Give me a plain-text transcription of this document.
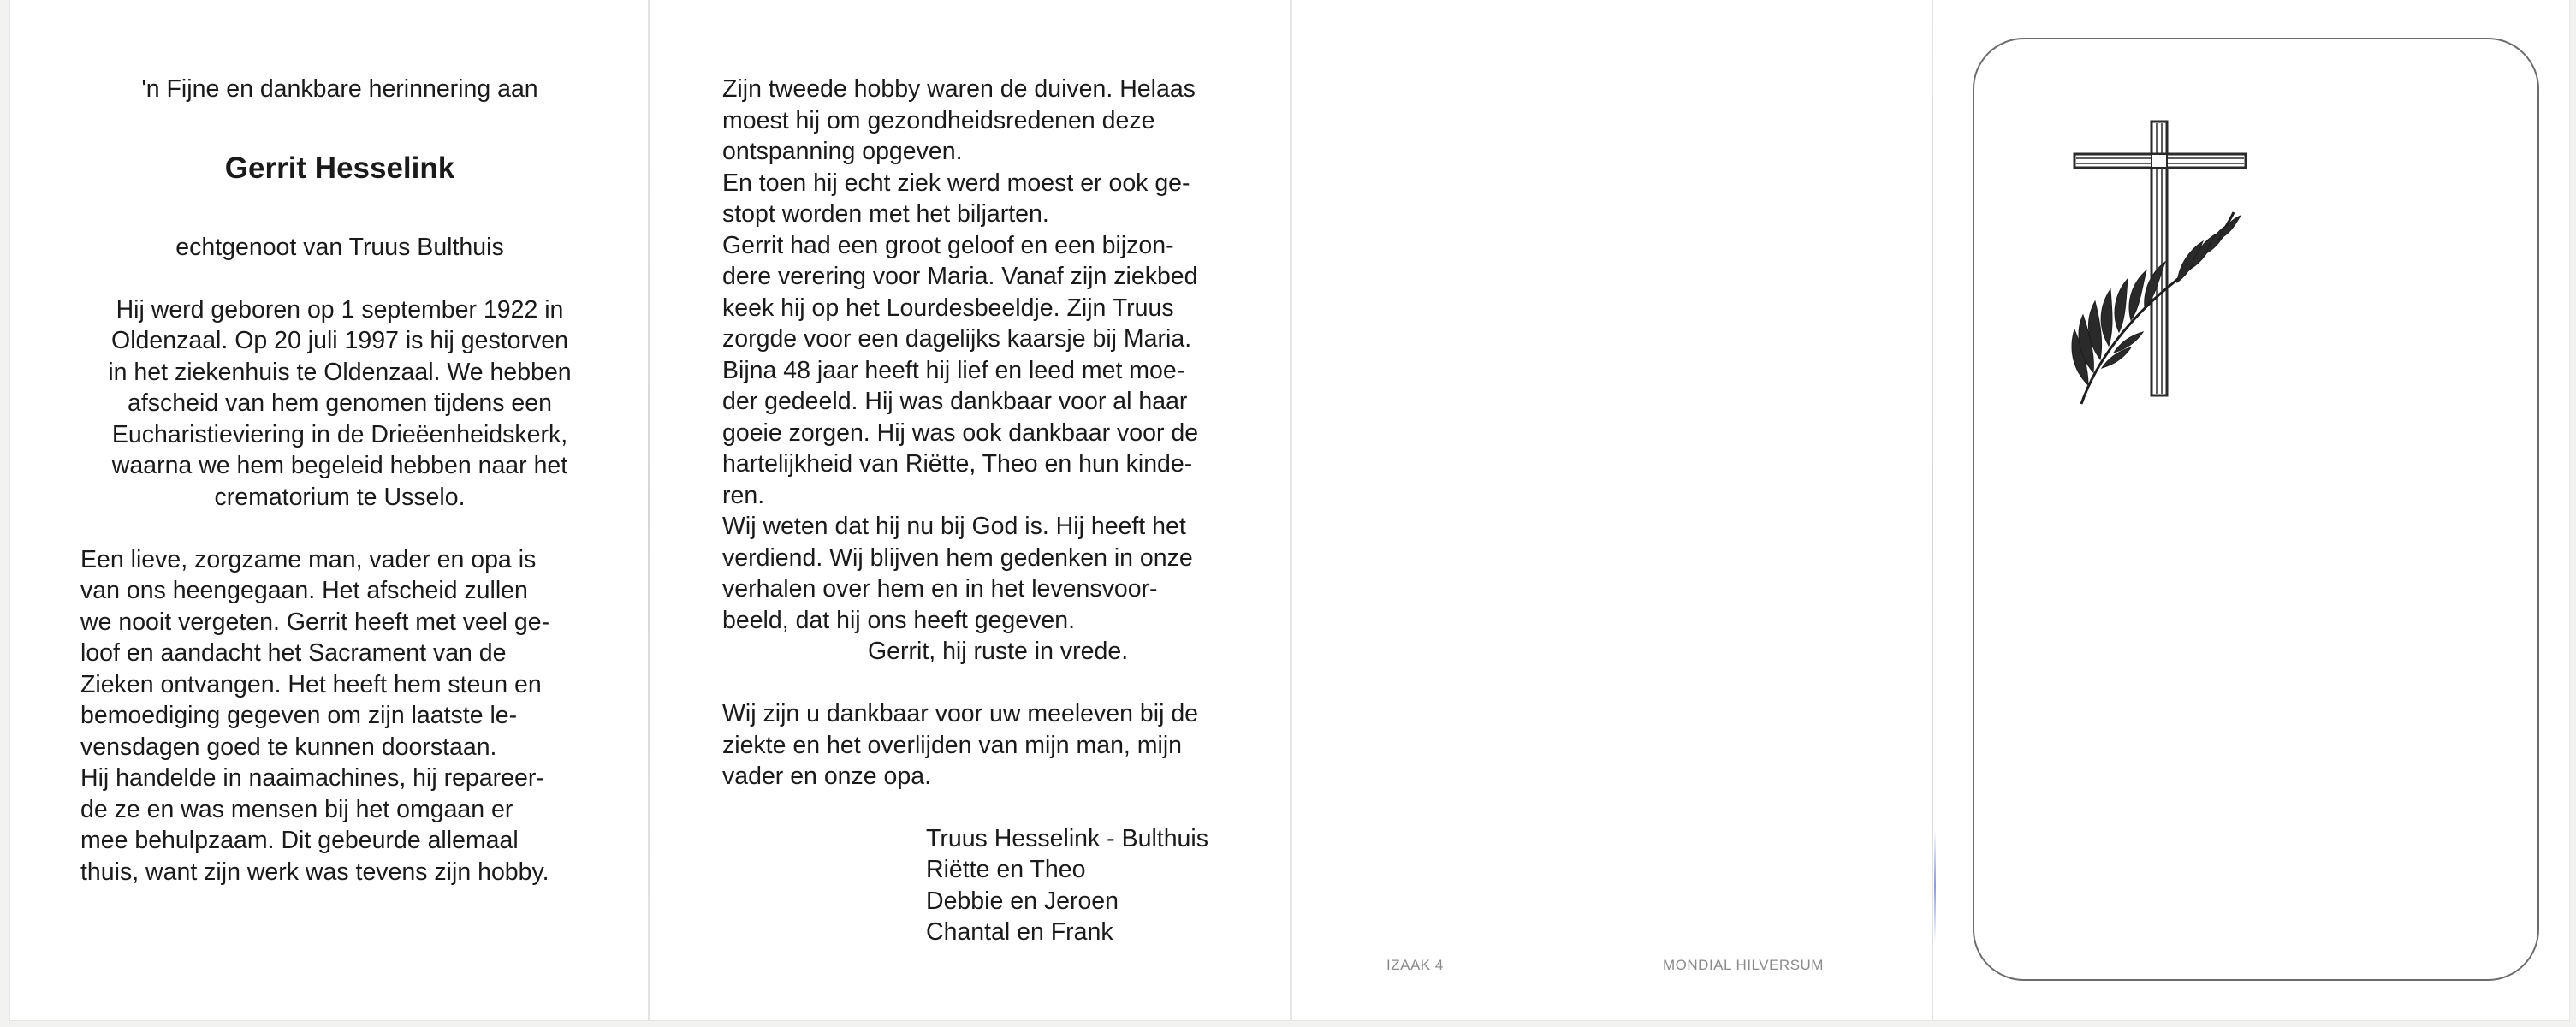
'n Fijne en dankbare herinnering aan

Gerrit Hesselink

echtgenoot van Truus Bulthuis

Hij werd geboren op 1 september 1922 in
Oldenzaal. Op 20 juli 1997 is hij gestorven
in het ziekenhuis te Oldenzaal. We hebben
afscheid van hem genomen tijdens een
Eucharistieviering in de Drieëenheidskerk,
waarna we hem begeleid hebben naar het
crematorium te Usselo.
Een lieve, zorgzame man, vader en opa is
van ons heengegaan. Het afscheid zullen
we nooit vergeten. Gerrit heeft met veel ge-
loof en aandacht het Sacrament van de
Zieken ontvangen. Het heeft hem steun en
bemoediging gegeven om zijn laatste le-
vensdagen goed te kunnen doorstaan.
Hij handelde in naaimachines, hij repareer-
de ze en was mensen bij het omgaan er
mee behulpzaam. Dit gebeurde allemaal
thuis, want zijn werk was tevens zijn hobby.
Zijn tweede hobby waren de duiven. Helaas
moest hij om gezondheidsredenen deze
ontspanning opgeven.
En toen hij echt ziek werd moest er ook ge-
stopt worden met het biljarten.
Gerrit had een groot geloof en een bijzon-
dere verering voor Maria. Vanaf zijn ziekbed
keek hij op het Lourdesbeeldje. Zijn Truus
zorgde voor een dagelijks kaarsje bij Maria.
Bijna 48 jaar heeft hij lief en leed met moe-
der gedeeld. Hij was dankbaar voor al haar
goeie zorgen. Hij was ook dankbaar voor de
hartelijkheid van Riëtte, Theo en hun kinde-
ren.
Wij weten dat hij nu bij God is. Hij heeft het
verdiend. Wij blijven hem gedenken in onze
verhalen over hem en in het levensvoor-
beeld, dat hij ons heeft gegeven.
Gerrit, hij ruste in vrede.
Wij zijn u dankbaar voor uw meeleven bij de
ziekte en het overlijden van mijn man, mijn
vader en onze opa.
Truus Hesselink - Bulthuis
Riëtte en Theo
Debbie en Jeroen
Chantal en Frank
IZAAK 4	MONDIAL HILVERSUM
